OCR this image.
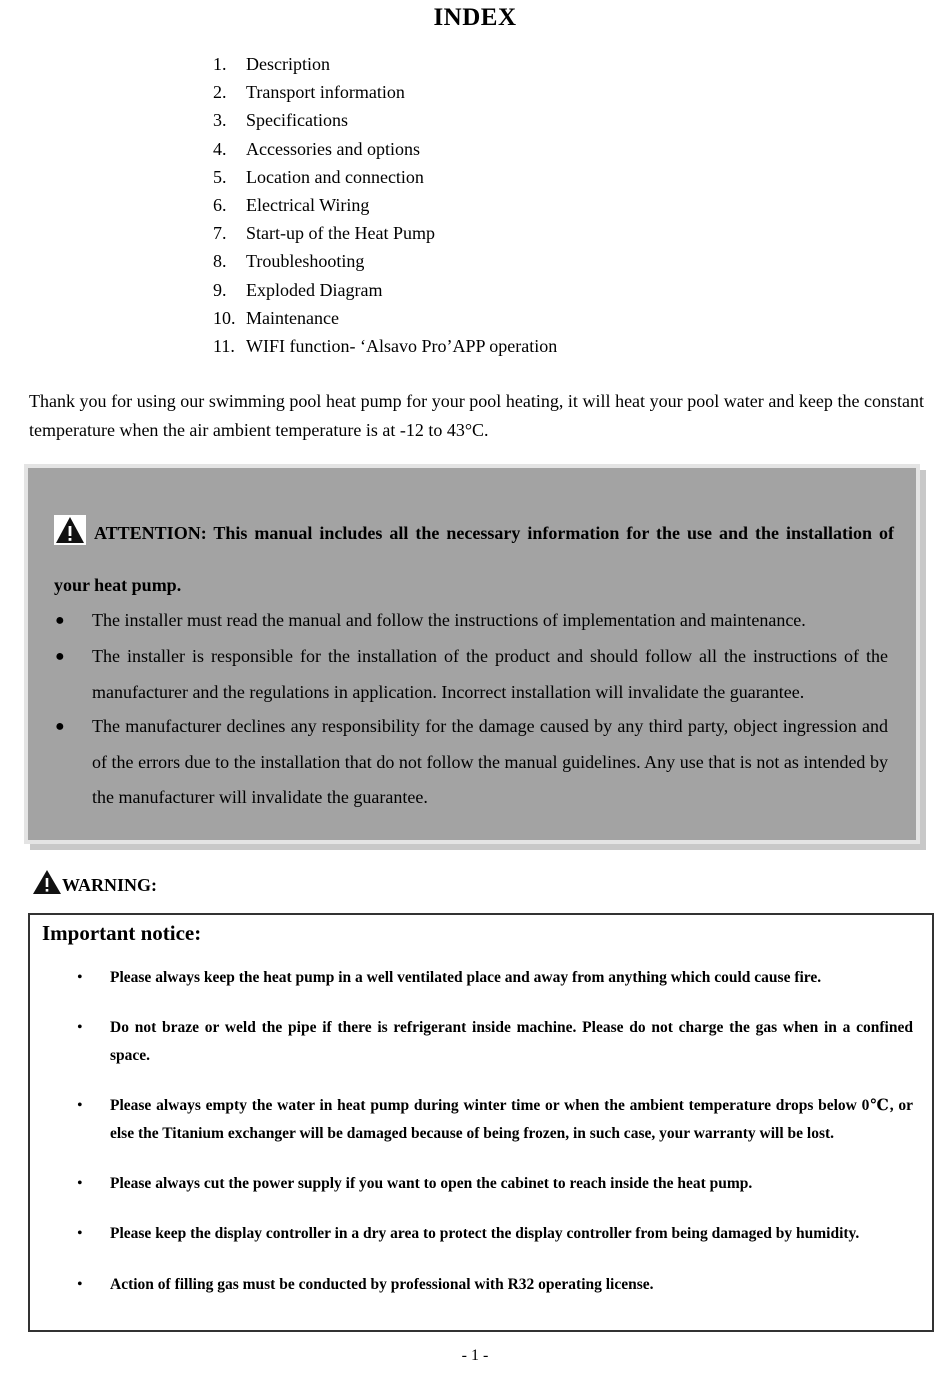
INDEX
1. Description
2. Transport information
3. Specifications
4. Accessories and options
5. Location and connection
6. Electrical Wiring
7. Start-up of the Heat Pump
8. Troubleshooting
9. Exploded Diagram
10. Maintenance
11. WIFI function- ‘Alsavo Pro’APP operation

Thank you for using our swimming pool heat pump for your pool heating, it will heat your pool water and keep the constant temperature when the air ambient temperature is at -12 to 43°C.

ATTENTION: This manual includes all the necessary information for the use and the installation of your heat pump.
● The installer must read the manual and follow the instructions of implementation and maintenance.
● The installer is responsible for the installation of the product and should follow all the instructions of the manufacturer and the regulations in application. Incorrect installation will invalidate the guarantee.
● The manufacturer declines any responsibility for the damage caused by any third party, object ingression and of the errors due to the installation that do not follow the manual guidelines. Any use that is not as intended by the manufacturer will invalidate the guarantee.
WARNING:
Important notice:
• Please always keep the heat pump in a well ventilated place and away from anything which could cause fire.
• Do not braze or weld the pipe if there is refrigerant inside machine. Please do not charge the gas when in a confined space.
• Please always empty the water in heat pump during winter time or when the ambient temperature drops below 0℃, or else the Titanium exchanger will be damaged because of being frozen, in such case, your warranty will be lost.
• Please always cut the power supply if you want to open the cabinet to reach inside the heat pump.
• Please keep the display controller in a dry area to protect the display controller from being damaged by humidity.
• Action of filling gas must be conducted by professional with R32 operating license.
- 1 -
